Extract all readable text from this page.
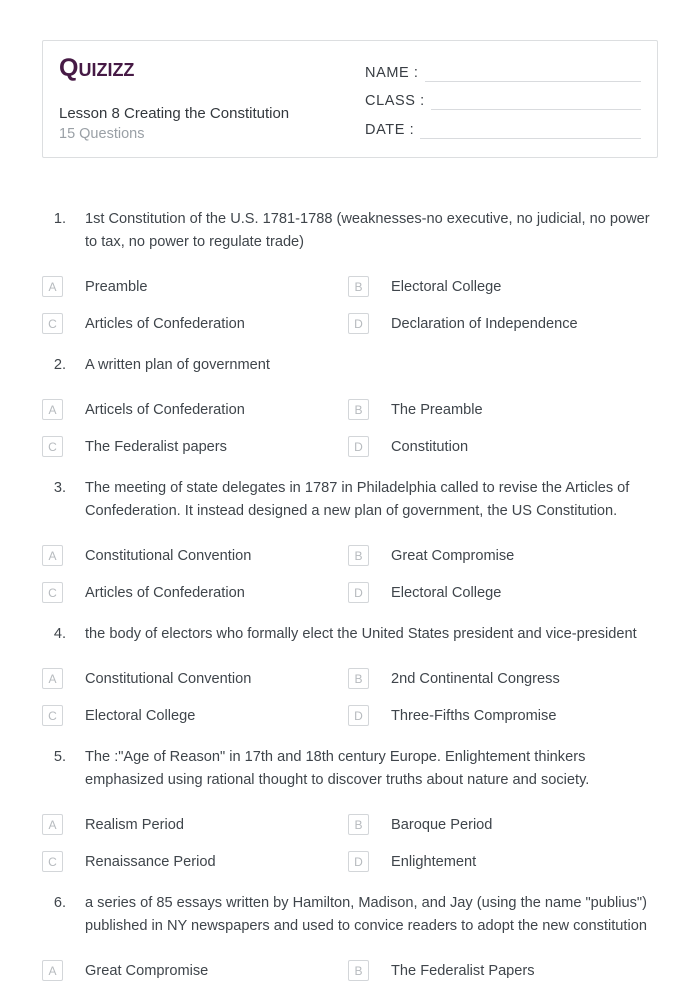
Quizizz
Lesson 8 Creating the Constitution
15 Questions
NAME :
CLASS :
DATE :
1. 1st Constitution of the U.S. 1781-1788 (weaknesses-no executive, no judicial, no power to tax, no power to regulate trade)
A	Preamble	B	Electoral College
C	Articles of Confederation	D	Declaration of Independence
2. A written plan of government
A	Articels of Confederation	B	The Preamble
C	The Federalist papers	D	Constitution
3. The meeting of state delegates in 1787 in Philadelphia called to revise the Articles of Confederation. It instead designed a new plan of government, the US Constitution.
A	Constitutional Convention	B	Great Compromise
C	Articles of Confederation	D	Electoral College
4. the body of electors who formally elect the United States president and vice-president
A	Constitutional Convention	B	2nd Continental Congress
C	Electoral College	D	Three-Fifths Compromise
5. The :"Age of Reason" in 17th and 18th century Europe. Enlightement thinkers emphasized using rational thought to discover truths about nature and society.
A	Realism Period	B	Baroque Period
C	Renaissance Period	D	Enlightement
6. a series of 85 essays written by Hamilton, Madison, and Jay (using the name "publius") published in NY newspapers and used to convice readers to adopt the new constitution
A	Great Compromise	B	The Federalist Papers
